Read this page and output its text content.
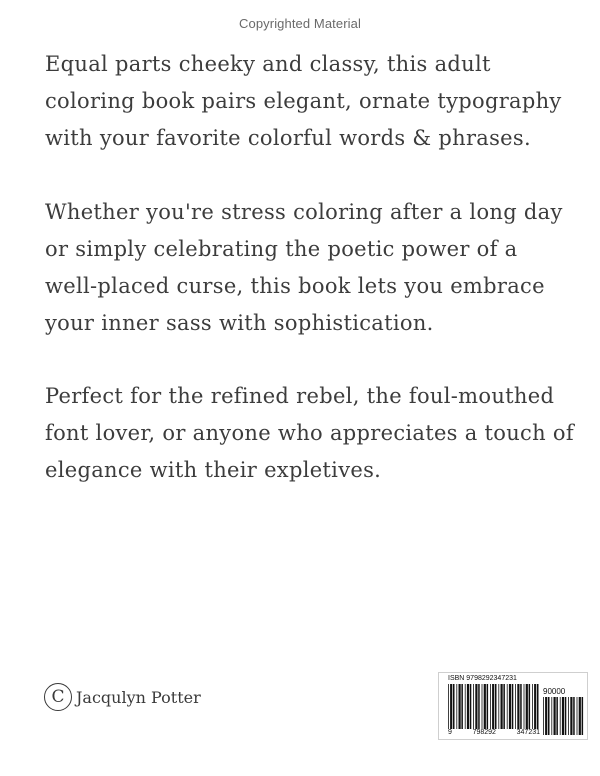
Copyrighted Material

Equal parts cheeky and classy, this adult coloring book pairs elegant, ornate typography with your favorite colorful words & phrases.

Whether you're stress coloring after a long day or simply celebrating the poetic power of a well-placed curse, this book lets you embrace your inner sass with sophistication.

Perfect for the refined rebel, the foul-mouthed font lover, or anyone who appreciates a touch of elegance with their expletives.

C Jacqulyn Potter
ISBN 9798292347231
90000
9	798292	347231
